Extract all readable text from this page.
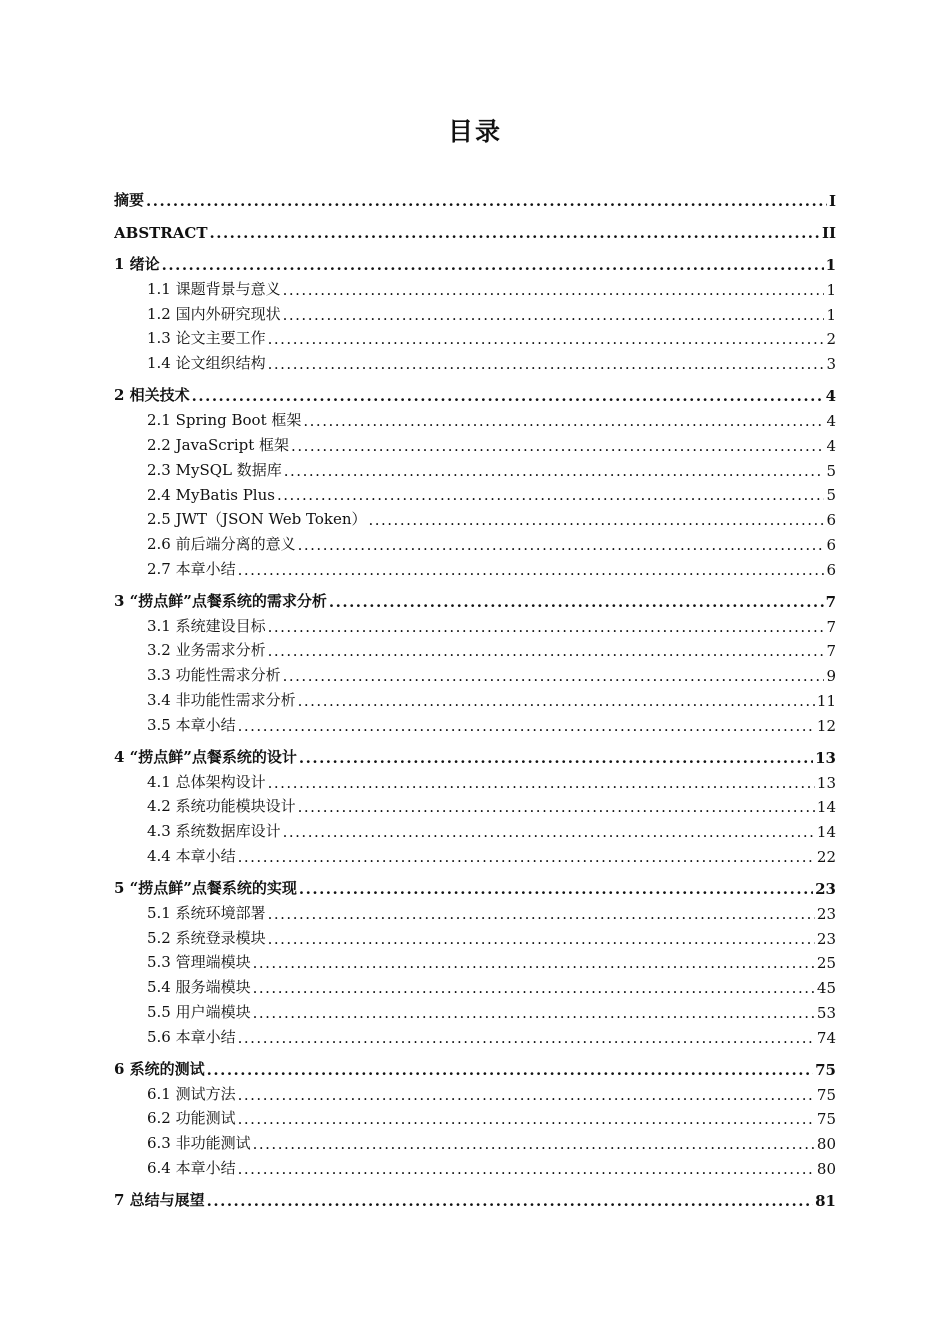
目录
摘要 .....	I
ABSTRACT .....	II
1 绪论 .....	1
1.1 课题背景与意义 .....	1
1.2 国内外研究现状 .....	1
1.3 论文主要工作 .....	2
1.4 论文组织结构 .....	3
2 相关技术 .....	4
2.1 Spring Boot 框架 .....	4
2.2 JavaScript 框架 .....	4
2.3 MySQL 数据库 .....	5
2.4 MyBatis Plus .....	5
2.5 JWT（JSON Web Token） .....	6
2.6 前后端分离的意义 .....	6
2.7 本章小结 .....	6
3 “捞点鲜”点餐系统的需求分析 .....	7
3.1 系统建设目标 .....	7
3.2 业务需求分析 .....	7
3.3 功能性需求分析 .....	9
3.4 非功能性需求分析 .....	11
3.5 本章小结 .....	12
4 “捞点鲜”点餐系统的设计 .....	13
4.1 总体架构设计 .....	13
4.2 系统功能模块设计 .....	14
4.3 系统数据库设计 .....	14
4.4 本章小结 .....	22
5 “捞点鲜”点餐系统的实现 .....	23
5.1 系统环境部署 .....	23
5.2 系统登录模块 .....	23
5.3 管理端模块 .....	25
5.4 服务端模块 .....	45
5.5 用户端模块 .....	53
5.6 本章小结 .....	74
6 系统的测试 .....	75
6.1 测试方法 .....	75
6.2 功能测试 .....	75
6.3 非功能测试 .....	80
6.4 本章小结 .....	80
7 总结与展望 .....	81
